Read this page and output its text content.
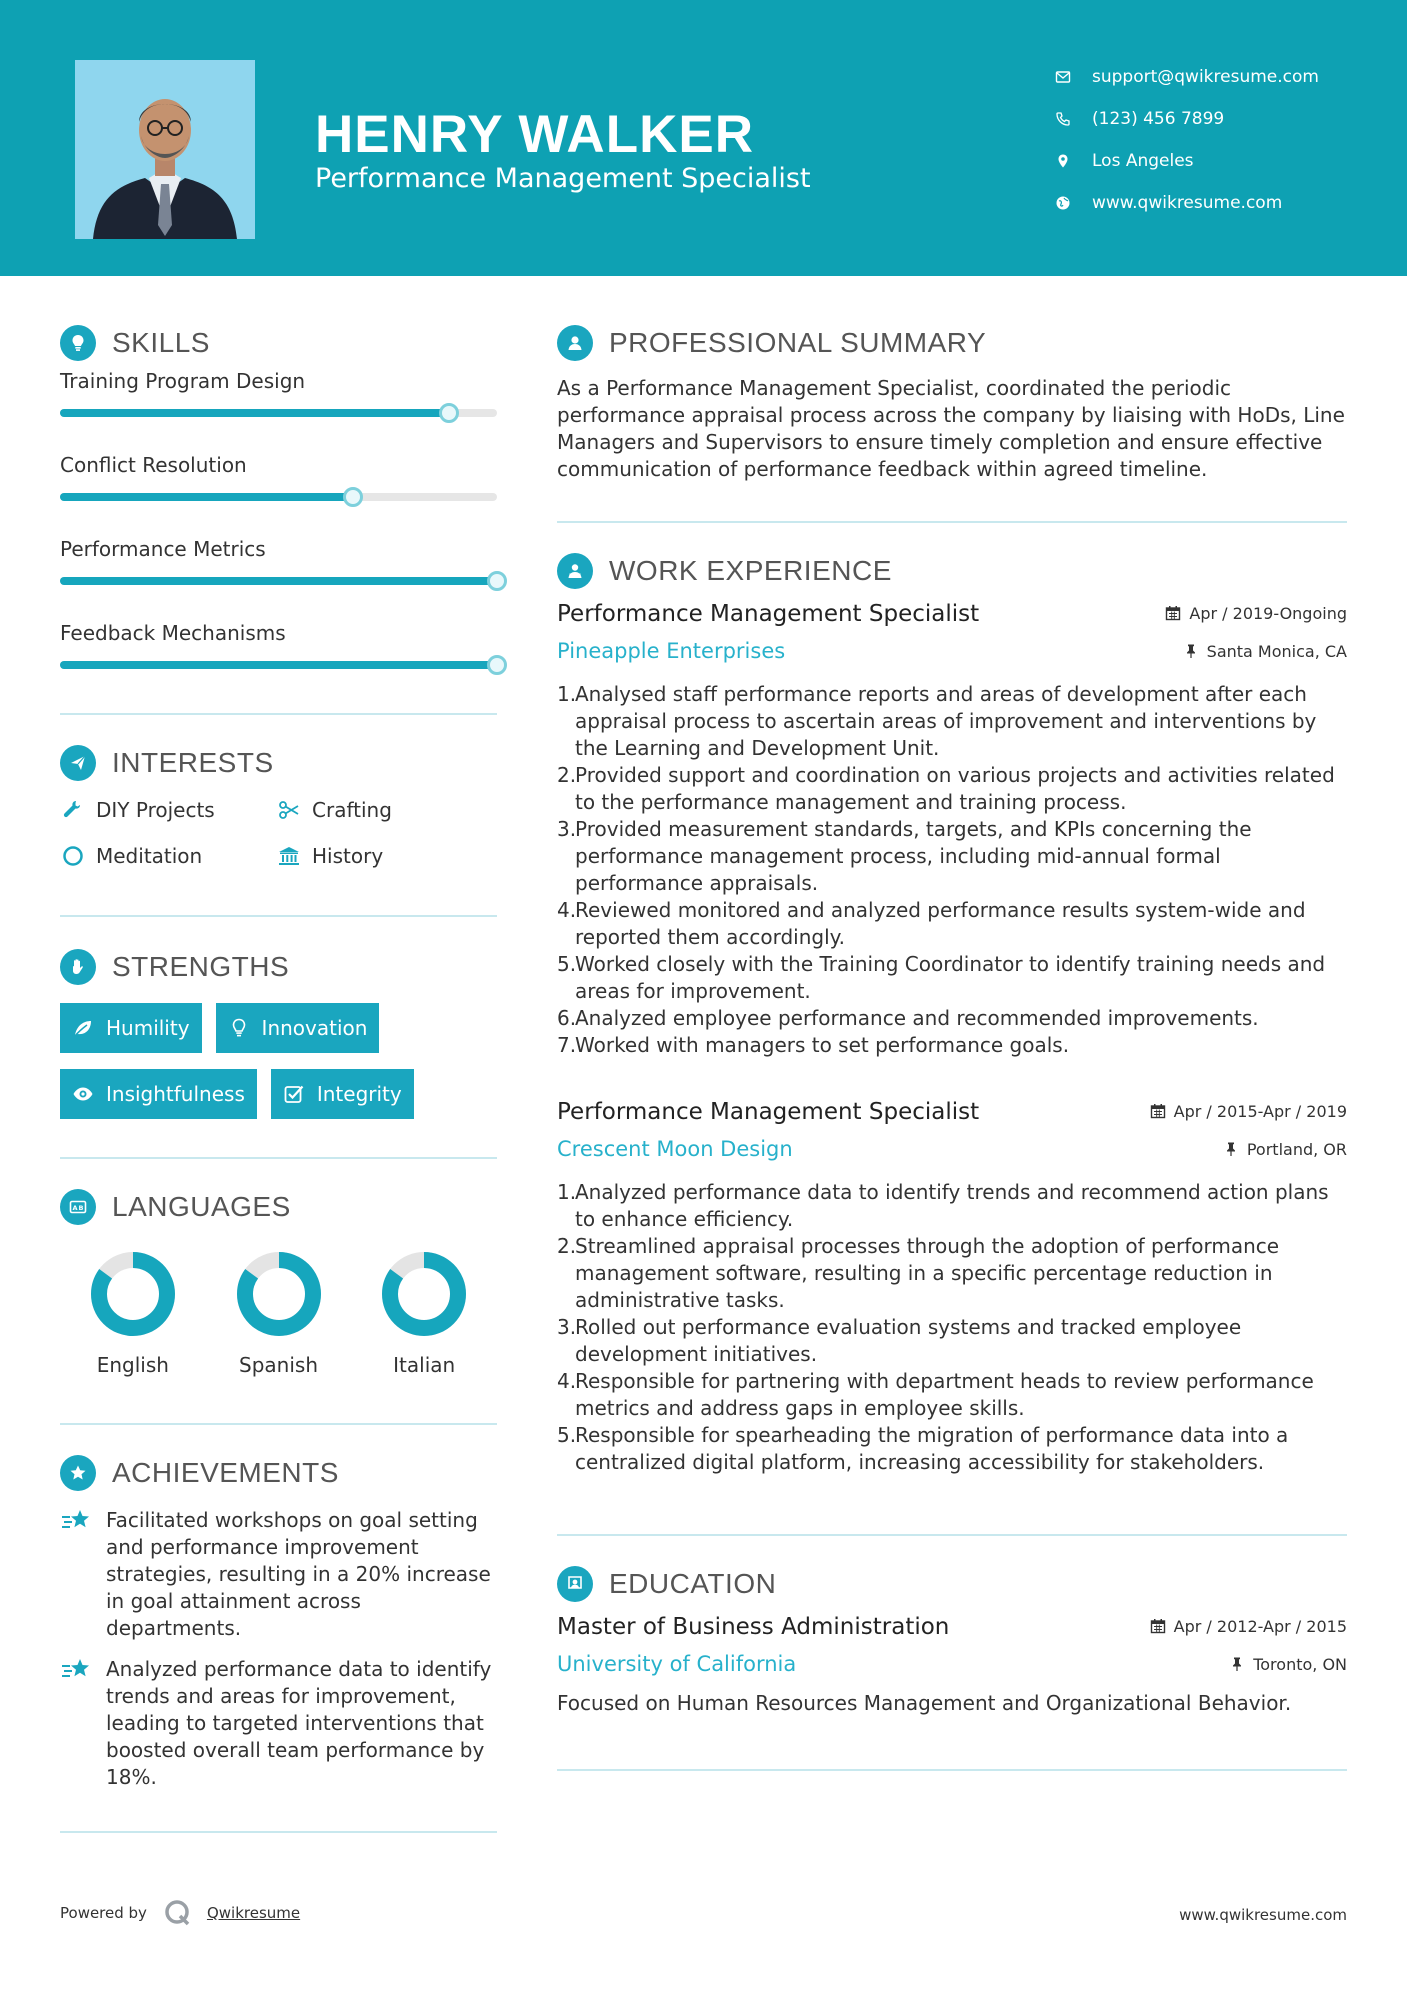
HENRY WALKER
Performance Management Specialist
support@qwikresume.com
(123) 456 7899
Los Angeles
www.qwikresume.com
SKILLS
Training Program Design
Conflict Resolution
Performance Metrics
Feedback Mechanisms
INTERESTS
DIY Projects	Crafting
Meditation	History
STRENGTHS
Humility	Innovation
Insightfulness	Integrity
A B LANGUAGES
English	Spanish	Italian
ACHIEVEMENTS
Facilitated workshops on goal setting and performance improvement strategies, resulting in a 20% increase in goal attainment across departments.
Analyzed performance data to identify trends and areas for improvement, leading to targeted interventions that boosted overall team performance by 18%.
PROFESSIONAL SUMMARY
As a Performance Management Specialist, coordinated the periodic performance appraisal process across the company by liaising with HoDs, Line Managers and Supervisors to ensure timely completion and ensure effective communication of performance feedback within agreed timeline.
WORK EXPERIENCE
Performance Management Specialist	Apr / 2019-Ongoing
Pineapple Enterprises	Santa Monica, CA
1.
Analysed staff performance reports and areas of development after each appraisal process to ascertain areas of improvement and interventions by the Learning and Development Unit.
2.
Provided support and coordination on various projects and activities related to the performance management and training process.
3.
Provided measurement standards, targets, and KPIs concerning the performance management process, including mid-annual formal performance appraisals.
4.
Reviewed monitored and analyzed performance results system-wide and reported them accordingly.
5.
Worked closely with the Training Coordinator to identify training needs and areas for improvement.
6.
Analyzed employee performance and recommended improvements.
7.
Worked with managers to set performance goals.
Performance Management Specialist	Apr / 2015-Apr / 2019
Crescent Moon Design	Portland, OR
1.
Analyzed performance data to identify trends and recommend action plans to enhance efficiency.
2.
Streamlined appraisal processes through the adoption of performance management software, resulting in a specific percentage reduction in administrative tasks.
3.
Rolled out performance evaluation systems and tracked employee development initiatives.
4.
Responsible for partnering with department heads to review performance metrics and address gaps in employee skills.
5.
Responsible for spearheading the migration of performance data into a centralized digital platform, increasing accessibility for stakeholders.
EDUCATION
Master of Business Administration	Apr / 2012-Apr / 2015
University of California	Toronto, ON
Focused on Human Resources Management and Organizational Behavior.
Powered by	Qwikresume	www.qwikresume.com
